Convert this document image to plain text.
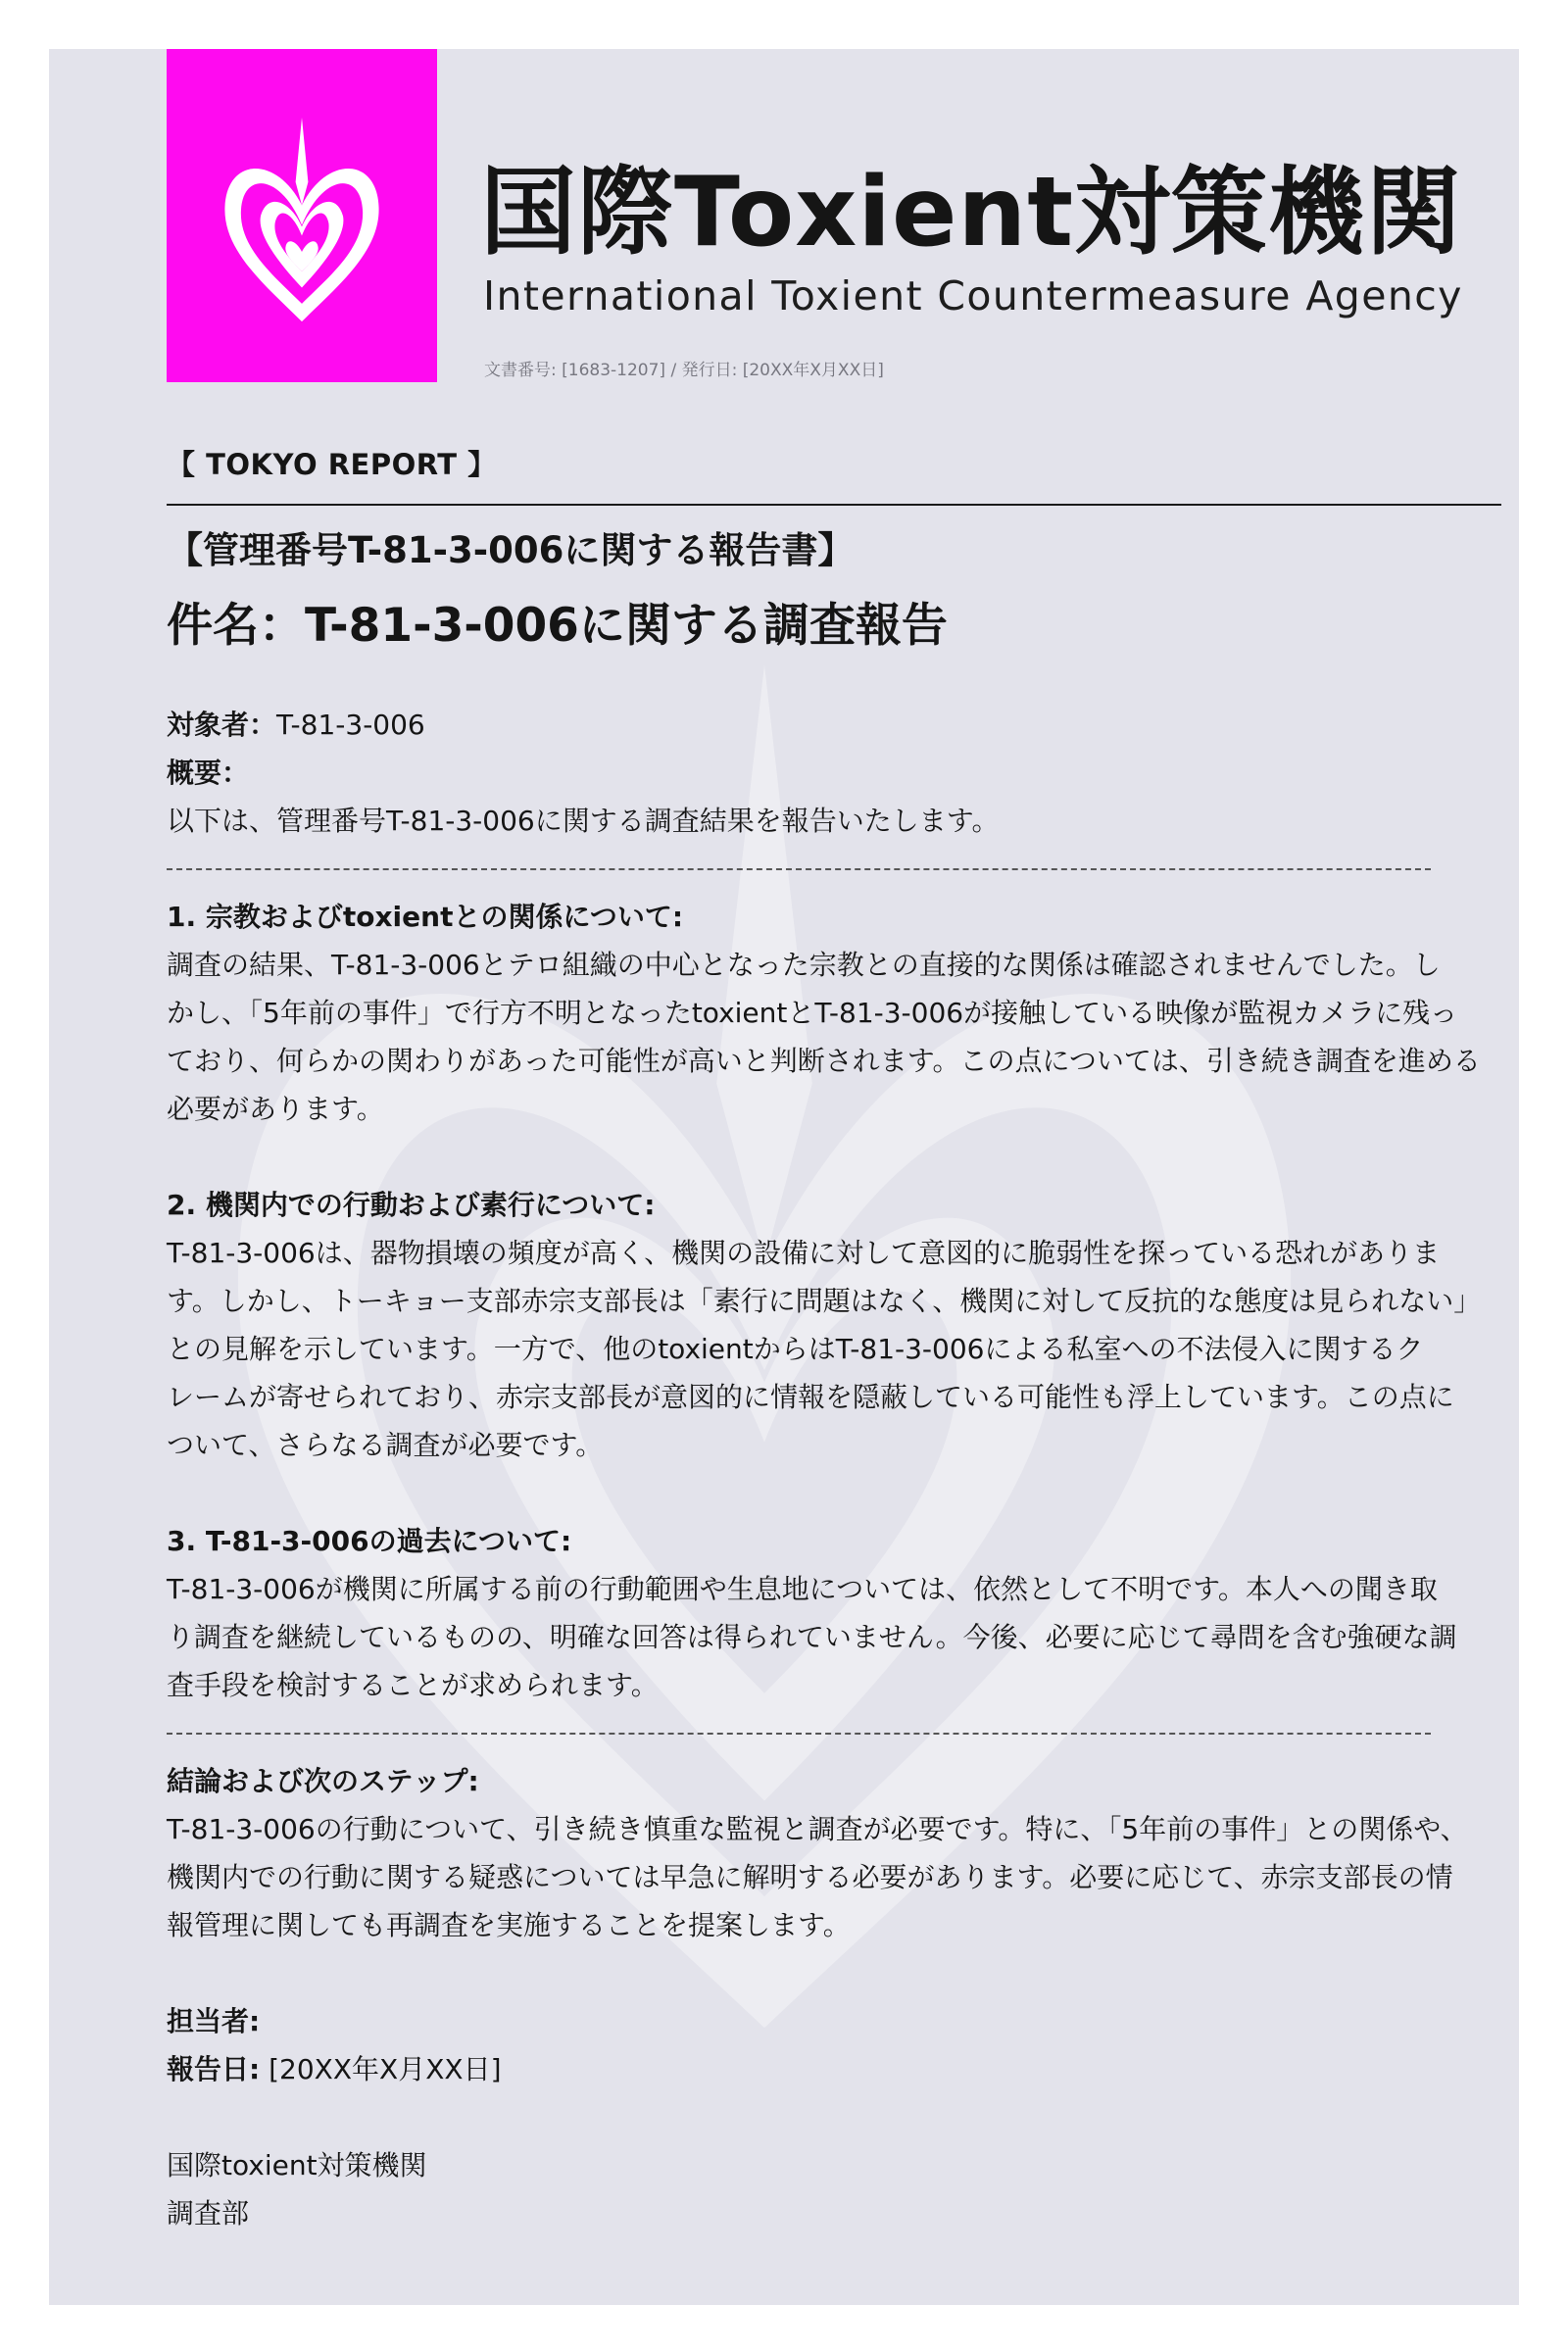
国際Toxient対策機関
International Toxient Countermeasure Agency
文書番号: [1683-1207] / 発行日: [20XX年X月XX日]
【 TOKYO REPORT 】
【管理番号T-81-3-006に関する報告書】
件名：T-81-3-006に関する調査報告

対象者：T-81-3-006

概要：

以下は、管理番号T-81-3-006に関する調査結果を報告いたします。

1. 宗教およびtoxientとの関係について:

調査の結果、T-81-3-006とテロ組織の中心となった宗教との直接的な関係は確認されませんでした。し

かし、「5年前の事件」で行方不明となったtoxientとT-81-3-006が接触している映像が監視カメラに残っ

ており、何らかの関わりがあった可能性が高いと判断されます。この点については、引き続き調査を進める

必要があります。

2. 機関内での行動および素行について:

T-81-3-006は、器物損壊の頻度が高く、機関の設備に対して意図的に脆弱性を探っている恐れがありま

す。しかし、トーキョー支部赤宗支部長は「素行に問題はなく、機関に対して反抗的な態度は見られない」

との見解を示しています。一方で、他のtoxientからはT-81-3-006による私室への不法侵入に関するク

レームが寄せられており、赤宗支部長が意図的に情報を隠蔽している可能性も浮上しています。この点に

ついて、さらなる調査が必要です。

3. T-81-3-006の過去について:

T-81-3-006が機関に所属する前の行動範囲や生息地については、依然として不明です。本人への聞き取

り調査を継続しているものの、明確な回答は得られていません。今後、必要に応じて尋問を含む強硬な調

査手段を検討することが求められます。

結論および次のステップ:

T-81-3-006の行動について、引き続き慎重な監視と調査が必要です。特に、「5年前の事件」との関係や、

機関内での行動に関する疑惑については早急に解明する必要があります。必要に応じて、赤宗支部長の情

報管理に関しても再調査を実施することを提案します。

担当者:

報告日: [20XX年X月XX日]

国際toxient対策機関

調査部
